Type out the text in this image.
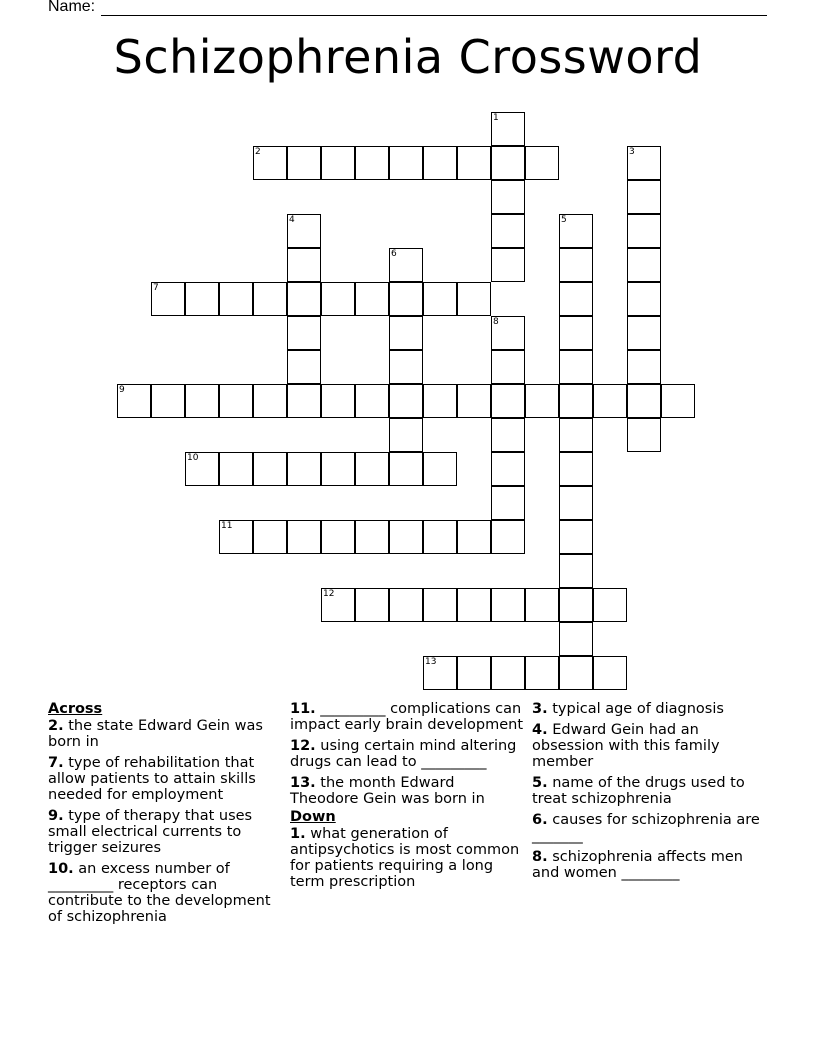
Name:
Schizophrenia Crossword
1
2	3
4	5
6
7
8
9
10
11
12
13
Across
2. the state Edward Gein was born in
7. type of rehabilitation that allow patients to attain skills needed for employment
9. type of therapy that uses small electrical currents to trigger seizures
10. an excess number of _________ receptors can contribute to the development of schizophrenia
11. _________ complications can impact early brain development
12. using certain mind altering drugs can lead to _________
13. the month Edward Theodore Gein was born in
Down
1. what generation of antipsychotics is most common for patients requiring a long term prescription
3. typical age of diagnosis
4. Edward Gein had an obsession with this family member
5. name of the drugs used to treat schizophrenia
6. causes for schizophrenia are _______
8. schizophrenia affects men and women ________
